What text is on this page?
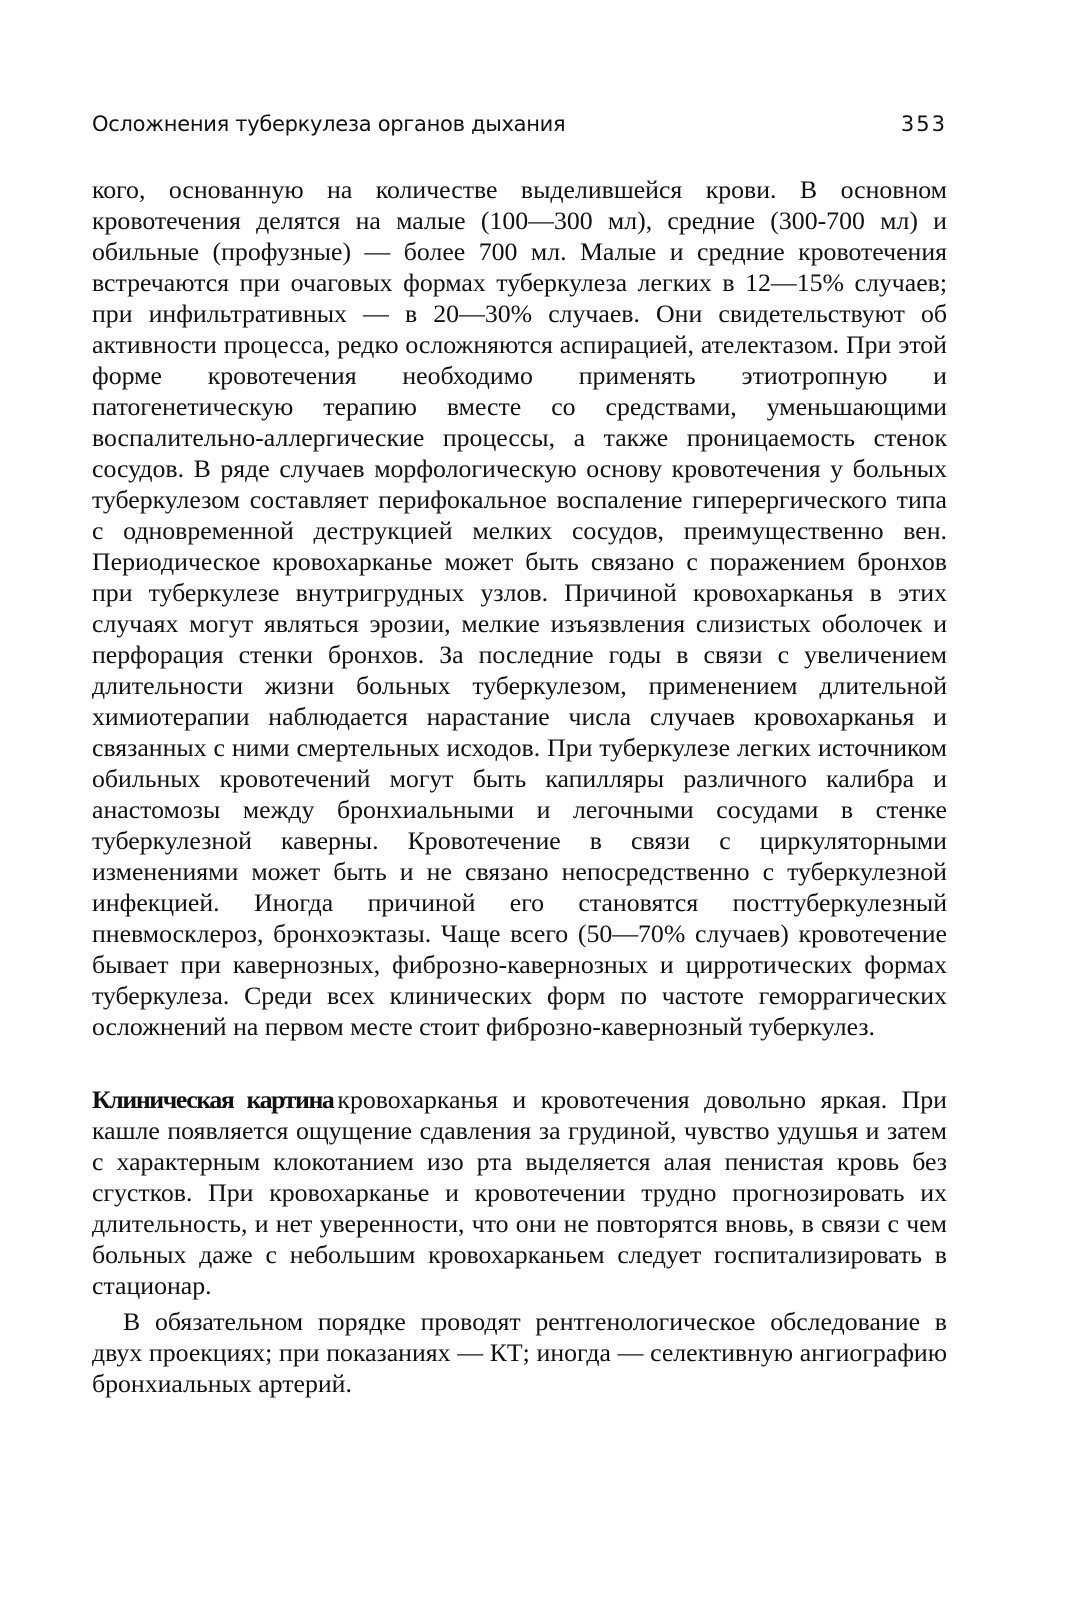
Осложнения туберкулеза органов дыхания	353

кого, основанную на количестве выделившейся крови. В основном кровотечения делятся на малые (100—300 мл), средние (300-700 мл) и обильные (профузные) — более 700 мл. Малые и средние кровотечения встречаются при очаговых формах туберкулеза легких в 12—15% случаев; при инфильтративных — в 20—30% случаев. Они свидетельствуют об активности процесса, редко осложняются аспирацией, ателектазом. При этой форме кровотечения необходимо применять этиотропную и патогенетическую терапию вместе со средствами, уменьшающими воспалительно-аллергические процессы, а также проницаемость стенок сосудов. В ряде случаев морфологическую основу кровотечения у больных туберкулезом составляет перифокальное воспаление гиперергического типа с одновременной деструкцией мелких сосудов, преимущественно вен. Периодическое кровохарканье может быть связано с поражением бронхов при туберкулезе внутригрудных узлов. Причиной кровохарканья в этих случаях могут являться эрозии, мелкие изъязвления слизистых оболочек и перфорация стенки бронхов. За последние годы в связи с увеличением длительности жизни больных туберкулезом, применением длительной химиотерапии наблюдается нарастание числа случаев кровохарканья и связанных с ними смертельных исходов. При туберкулезе легких источником обильных кровотечений могут быть капилляры различного калибра и анастомозы между бронхиальными и легочными сосудами в стенке туберкулезной каверны. Кровотечение в связи с циркуляторными изменениями может быть и не связано непосредственно с туберкулезной инфекцией. Иногда причиной его становятся посттуберкулезный пневмосклероз, бронхоэктазы. Чаще всего (50—70% случаев) кровотечение бывает при кавернозных, фиброзно-кавернозных и цирротических формах туберкулеза. Среди всех клинических форм по частоте геморрагических осложнений на первом месте стоит фиброзно-кавернозный туберкулез.

Клиническая картина кровохарканья и кровотечения довольно яркая. При кашле появляется ощущение сдавления за грудиной, чувство удушья и затем с характерным клокотанием изо рта выделяется алая пенистая кровь без сгустков. При кровохарканье и кровотечении трудно прогнозировать их длительность, и нет уверенности, что они не повторятся вновь, в связи с чем больных даже с небольшим кровохарканьем следует госпитализировать в стационар.

В обязательном порядке проводят рентгенологическое обследование в двух проекциях; при показаниях — КТ; иногда — селективную ангиографию бронхиальных артерий.
